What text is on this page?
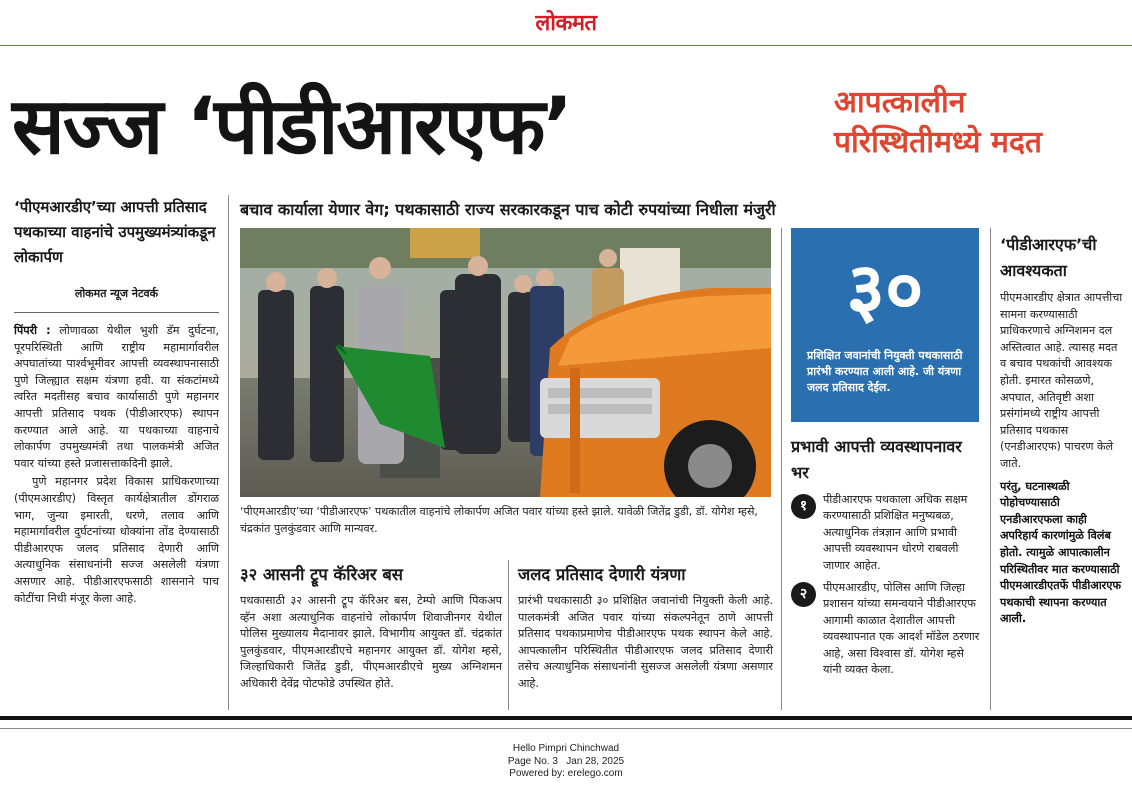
लोकमत
सज्ज ‘पीडीआरएफ’	आपत्कालीन
परिस्थितीमध्ये मदत
‘पीएमआरडीए’च्या आपत्ती प्रतिसाद पथकाच्या वाहनांचे उपमुख्यमंत्र्यांकडून लोकार्पण
लोकमत न्यूज नेटवर्क

पिंपरी : लोणावळा येथील भुशी डॅम दुर्घटना, पूरपरिस्थिती आणि राष्ट्रीय महामार्गावरील अपघातांच्या पार्श्वभूमीवर आपत्ती व्यवस्थापनासाठी पुणे जिल्ह्यात सक्षम यंत्रणा हवी. या संकटांमध्ये त्वरित मदतीसह बचाव कार्यासाठी पुणे महानगर आपत्ती प्रतिसाद पथक (पीडीआरएफ) स्थापन करण्यात आले आहे. या पथकाच्या वाहनाचे लोकार्पण उपमुख्यमंत्री तथा पालकमंत्री अजित पवार यांच्या हस्ते प्रजासत्ताकदिनी झाले.

पुणे महानगर प्रदेश विकास प्राधिकरणाच्या (पीएमआरडीए) विस्तृत कार्यक्षेत्रातील डोंगराळ भाग, जुन्या इमारती, धरणे, तलाव आणि महामार्गावरील दुर्घटनांच्या धोक्यांना तोंड देण्यासाठी पीडीआरएफ जलद प्रतिसाद देणारी आणि अत्याधुनिक संसाधनांनी सज्ज असलेली यंत्रणा असणार आहे. पीडीआरएफसाठी शासनाने पाच कोटींचा निधी मंजूर केला आहे.

बचाव कार्याला येणार वेग; पथकासाठी राज्य सरकारकडून पाच कोटी रुपयांच्या निधीला मंजुरी
‘पीएमआरडीए’च्या ‘पीडीआरएफ’ पथकातील वाहनांचे लोकार्पण अजित पवार यांच्या हस्ते झाले. यावेळी जितेंद्र डुडी, डॉ. योगेश म्हसे, चंद्रकांत पुलकुंडवार आणि मान्यवर.
३२ आसनी ट्रूप कॅरिअर बस
पथकासाठी ३२ आसनी ट्रूप कॅरिअर बस, टेम्पो आणि पिकअप व्हॅन अशा अत्याधुनिक वाहनांचे लोकार्पण शिवाजीनगर येथील पोलिस मुख्यालय मैदानावर झाले. विभागीय आयुक्त डॉ. चंद्रकांत पुलकुंडवार, पीएमआरडीएचे महानगर आयुक्त डॉ. योगेश म्हसे, जिल्हाधिकारी जितेंद्र डुडी, पीएमआरडीएचे मुख्य अग्निशमन अधिकारी देवेंद्र पोटफोडे उपस्थित होते.
जलद प्रतिसाद देणारी यंत्रणा
प्रारंभी पथकासाठी ३० प्रशिक्षित जवानांची नियुक्ती केली आहे. पालकमंत्री अजित पवार यांच्या संकल्पनेतून ठाणे आपत्ती प्रतिसाद पथकाप्रमाणेच पीडीआरएफ पथक स्थापन केले आहे. आपत्कालीन परिस्थितीत पीडीआरएफ जलद प्रतिसाद देणारी तसेच अत्याधुनिक संसाधनांनी सुसज्ज असलेली यंत्रणा असणार आहे.
३०
प्रशिक्षित जवानांची नियुक्ती पथकासाठी प्रारंभी करण्यात आली आहे. जी यंत्रणा जलद प्रतिसाद देईल.
प्रभावी आपत्ती व्यवस्थापनावर भर
१	पीडीआरएफ पथकाला अधिक सक्षम करण्यासाठी प्रशिक्षित मनुष्यबळ, अत्याधुनिक तंत्रज्ञान आणि प्रभावी आपत्ती व्यवस्थापन धोरणे राबवली जाणार आहेत.
२	पीएमआरडीए, पोलिस आणि जिल्हा प्रशासन यांच्या समन्वयाने पीडीआरएफ आगामी काळात देशातील आपत्ती व्यवस्थापनात एक आदर्श मॉडेल ठरणार आहे, असा विश्वास डॉ. योगेश म्हसे यांनी व्यक्त केला.
‘पीडीआरएफ’ची आवश्यकता
पीएमआरडीए क्षेत्रात आपत्तीचा सामना करण्यासाठी प्राधिकरणाचे अग्निशमन दल अस्तित्वात आहे. त्यासह मदत व बचाव पथकांची आवश्यक होती. इमारत कोसळणे, अपघात, अतिवृष्टी अशा प्रसंगांमध्ये राष्ट्रीय आपत्ती प्रतिसाद पथकास (एनडीआरएफ) पाचरण केले जाते.
परंतु, घटनास्थळी पोहोचण्यासाठी एनडीआरएफला काही अपरिहार्य कारणांमुळे विलंब होतो. त्यामुळे आपात्कालीन परिस्थितीवर मात करण्यासाठी पीएमआरडीएतर्फे पीडीआरएफ पथकाची स्थापना करण्यात आली.
Hello Pimpri Chinchwad
Page No. 3   Jan 28, 2025
Powered by: erelego.com
